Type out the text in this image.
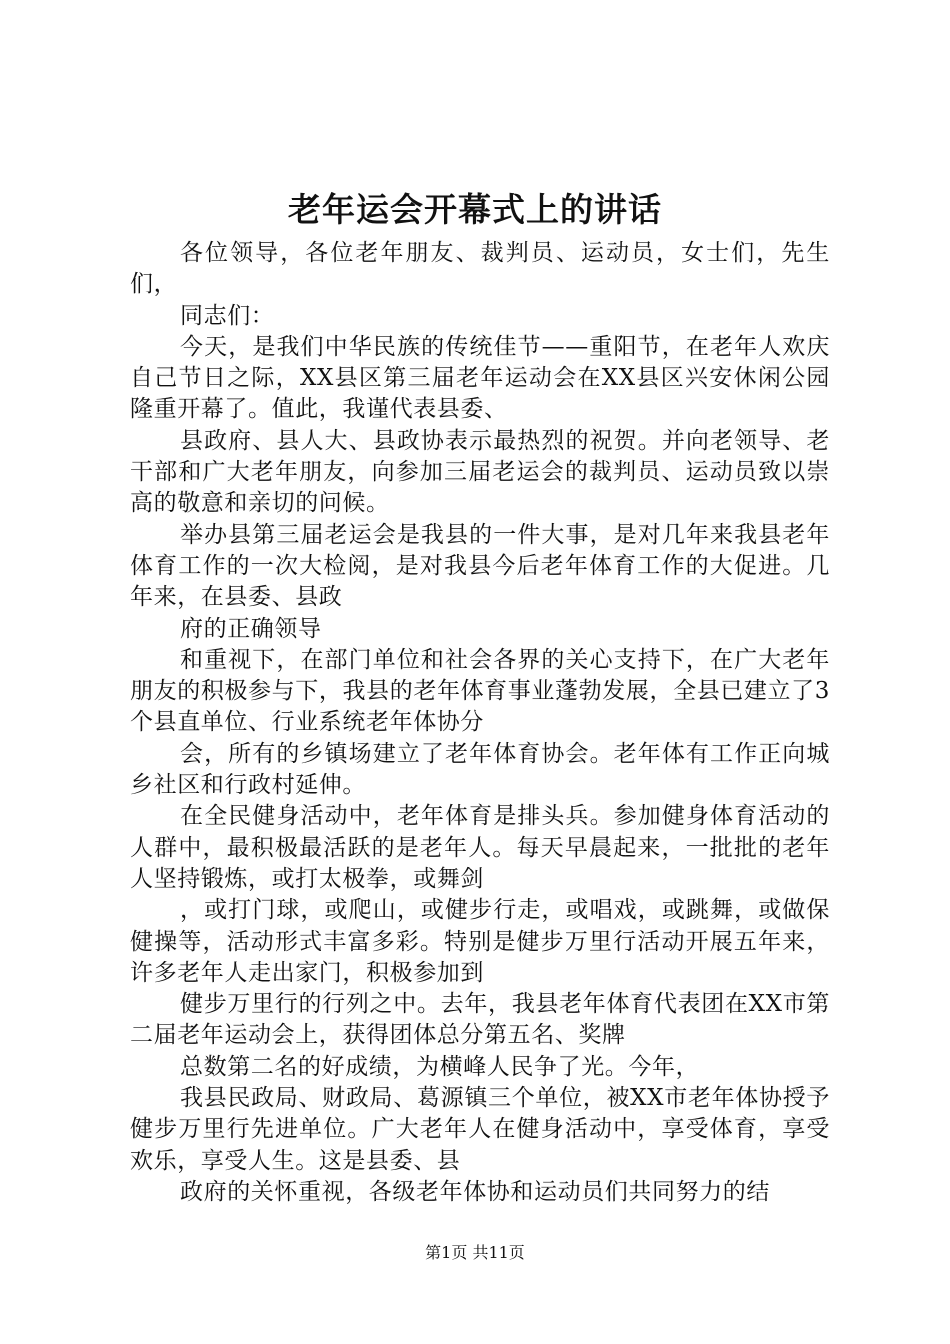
老年运会开幕式上的讲话

各位领导，各位老年朋友、裁判员、运动员，女士们，先生们，

同志们：

今天，是我们中华民族的传统佳节——重阳节，在老年人欢庆自己节日之际，XX县区第三届老年运动会在XX县区兴安休闲公园隆重开幕了。值此，我谨代表县委、

县政府、县人大、县政协表示最热烈的祝贺。并向老领导、老干部和广大老年朋友，向参加三届老运会的裁判员、运动员致以崇高的敬意和亲切的问候。

举办县第三届老运会是我县的一件大事，是对几年来我县老年体育工作的一次大检阅，是对我县今后老年体育工作的大促进。几年来，在县委、县政

府的正确领导

和重视下，在部门单位和社会各界的关心支持下，在广大老年朋友的积极参与下，我县的老年体育事业蓬勃发展，全县已建立了3个县直单位、行业系统老年体协分

会，所有的乡镇场建立了老年体育协会。老年体有工作正向城乡社区和行政村延伸。

在全民健身活动中，老年体育是排头兵。参加健身体育活动的人群中，最积极最活跃的是老年人。每天早晨起来，一批批的老年人坚持锻炼，或打太极拳，或舞剑

，或打门球，或爬山，或健步行走，或唱戏，或跳舞，或做保健操等，活动形式丰富多彩。特别是健步万里行活动开展五年来，许多老年人走出家门，积极参加到

健步万里行的行列之中。去年，我县老年体育代表团在XX市第二届老年运动会上，获得团体总分第五名、奖牌

总数第二名的好成绩，为横峰人民争了光。今年，

我县民政局、财政局、葛源镇三个单位，被XX市老年体协授予健步万里行先进单位。广大老年人在健身活动中，享受体育，享受欢乐，享受人生。这是县委、县

政府的关怀重视，各级老年体协和运动员们共同努力的结

第1页 共11页
